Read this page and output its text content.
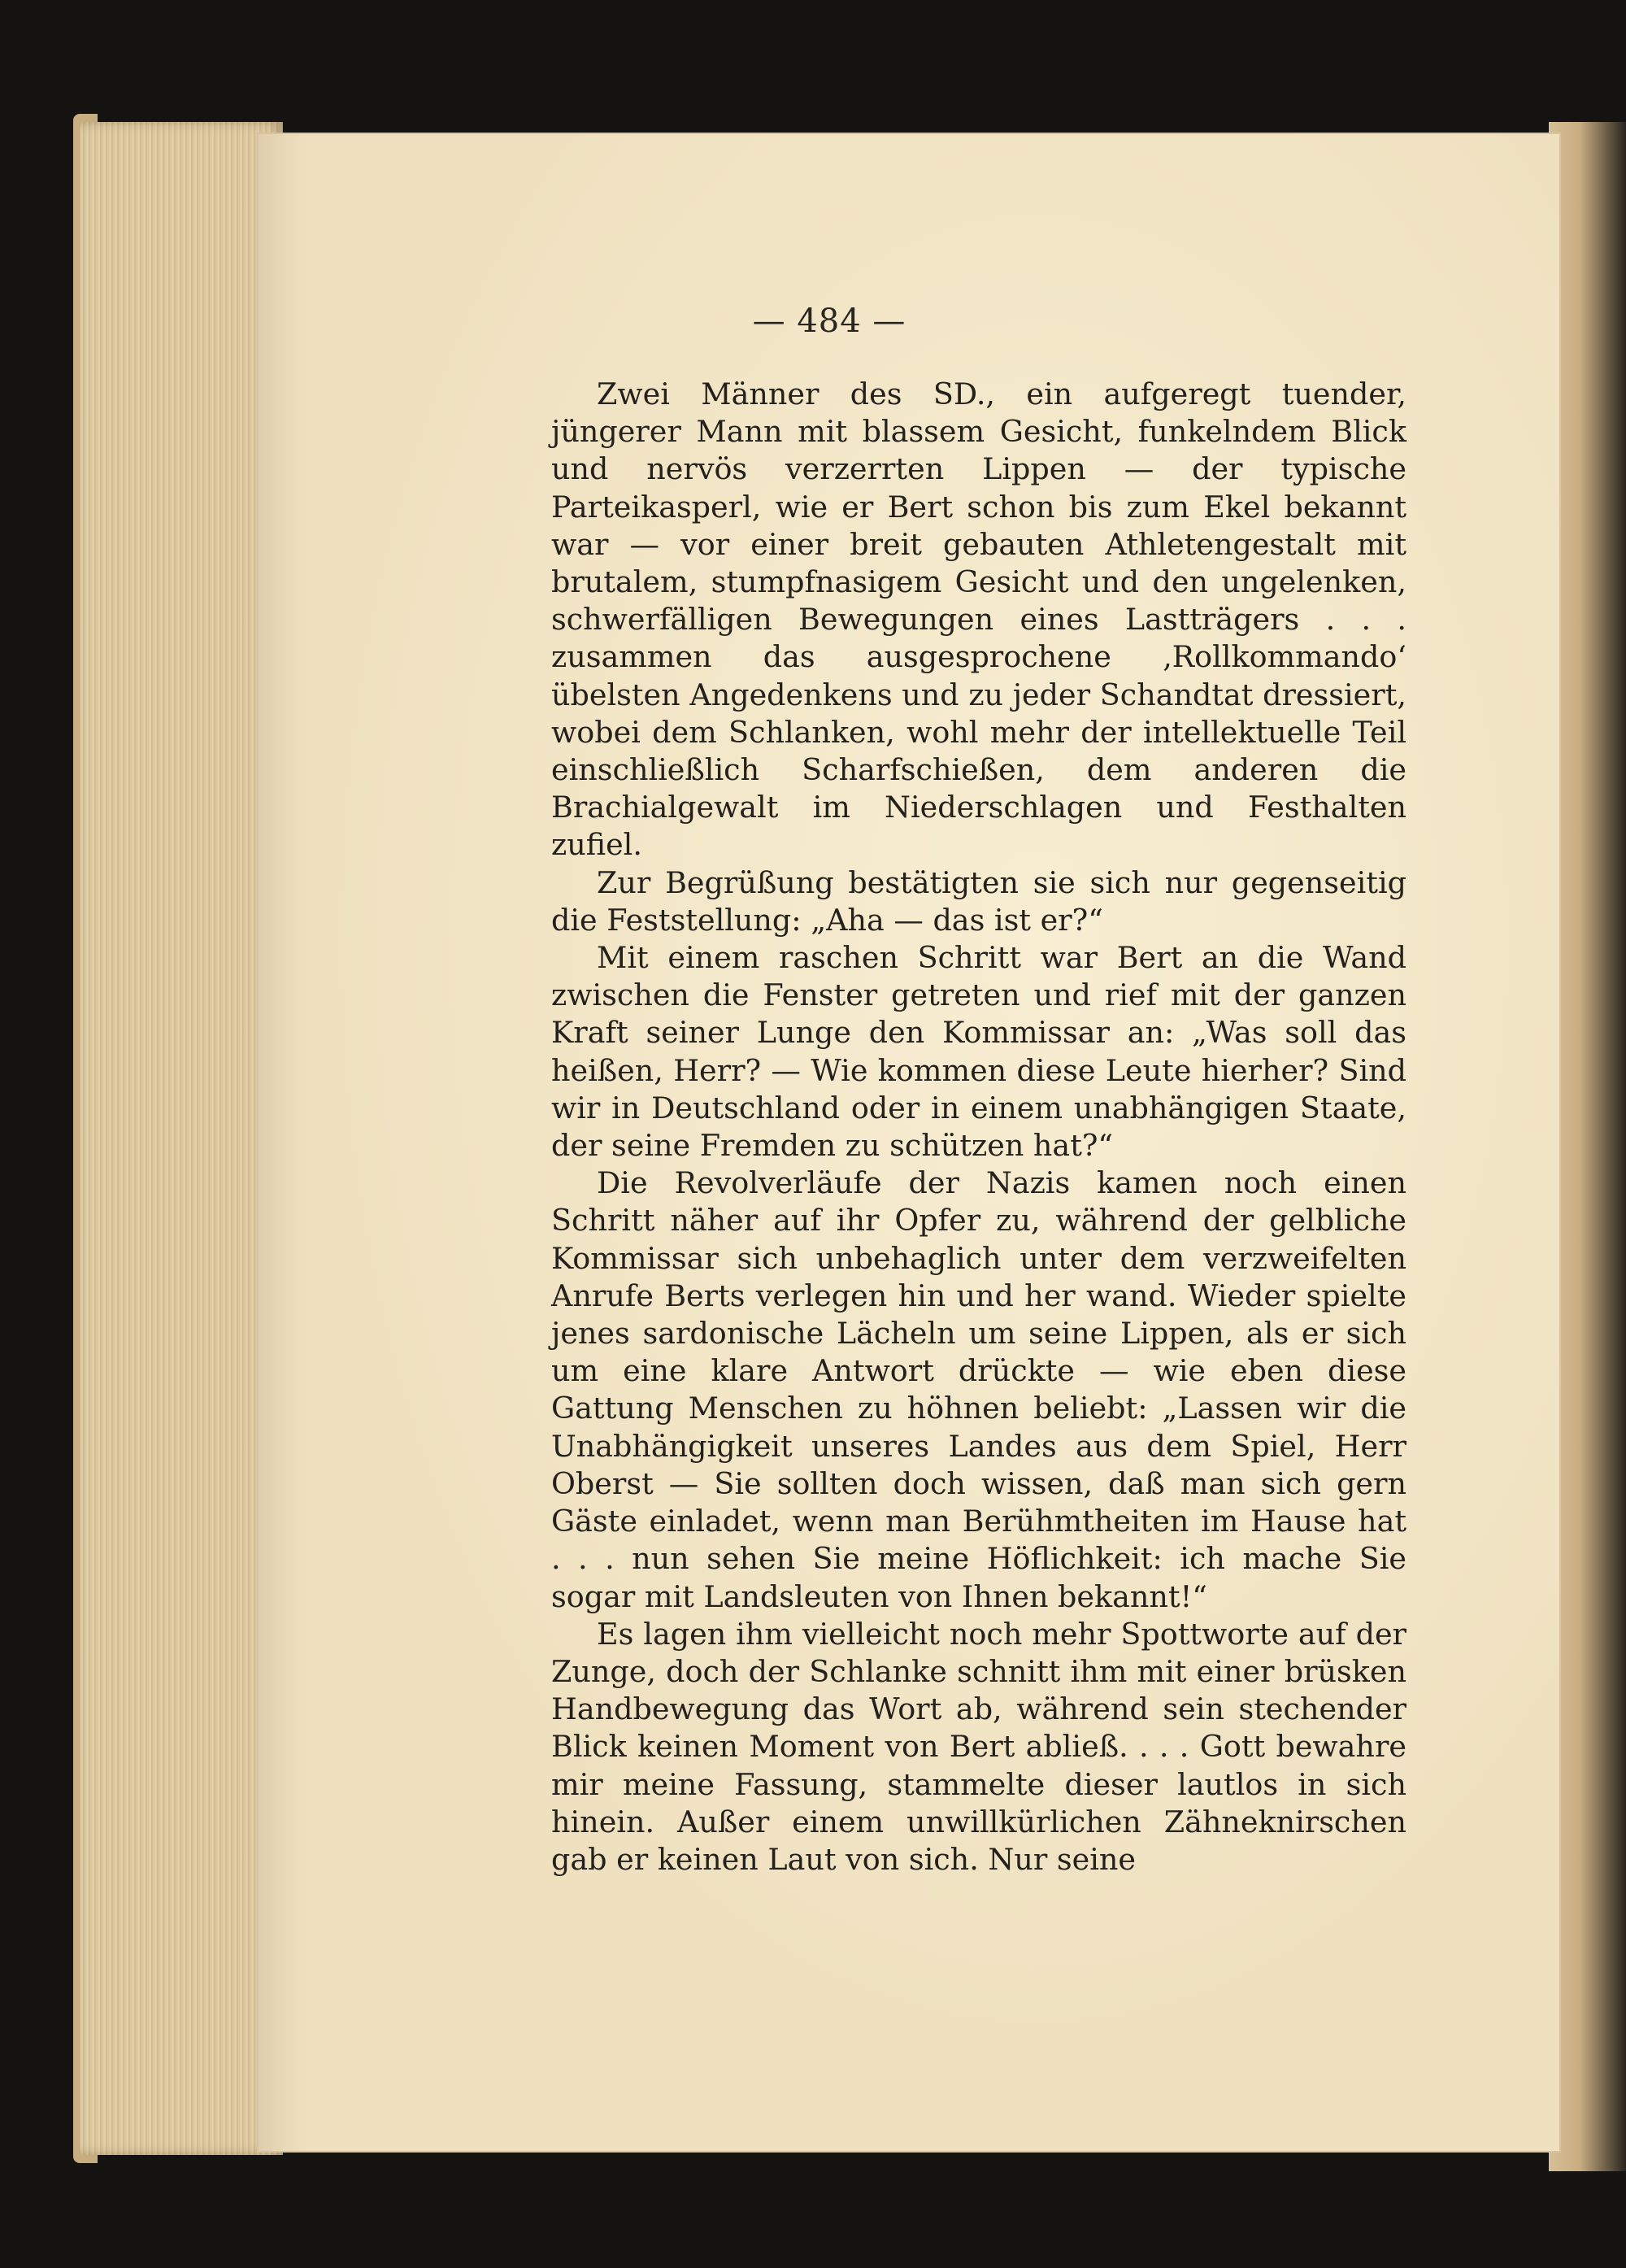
— 484 —

Zwei Männer des SD., ein aufgeregt tuender, jüngerer Mann mit blassem Gesicht, funkelndem Blick und nervös verzerrten Lippen — der typische Parteikasperl, wie er Bert schon bis zum Ekel bekannt war — vor einer breit gebauten Athletengestalt mit brutalem, stumpfnasigem Gesicht und den ungelenken, schwerfälligen Bewegungen eines Lastträgers . . . zusammen das ausgesprochene ‚Rollkommando‘ übelsten Angedenkens und zu jeder Schandtat dressiert, wobei dem Schlanken, wohl mehr der intellektuelle Teil einschließlich Scharfschießen, dem anderen die Brachialgewalt im Niederschlagen und Festhalten zufiel.

Zur Begrüßung bestätigten sie sich nur gegenseitig die Feststellung: „Aha — das ist er?“

Mit einem raschen Schritt war Bert an die Wand zwischen die Fenster getreten und rief mit der ganzen Kraft seiner Lunge den Kommissar an: „Was soll das heißen, Herr? — Wie kommen diese Leute hierher? Sind wir in Deutschland oder in einem unabhängigen Staate, der seine Fremden zu schützen hat?“

Die Revolverläufe der Nazis kamen noch einen Schritt näher auf ihr Opfer zu, während der gelbliche Kommissar sich unbehaglich unter dem verzweifelten Anrufe Berts verlegen hin und her wand. Wieder spielte jenes sardonische Lächeln um seine Lippen, als er sich um eine klare Antwort drückte — wie eben diese Gattung Menschen zu höhnen beliebt: „Lassen wir die Unabhängigkeit unseres Landes aus dem Spiel, Herr Oberst — Sie sollten doch wissen, daß man sich gern Gäste einladet, wenn man Berühmtheiten im Hause hat . . . nun sehen Sie meine Höflichkeit: ich mache Sie sogar mit Landsleuten von Ihnen bekannt!“

Es lagen ihm vielleicht noch mehr Spottworte auf der Zunge, doch der Schlanke schnitt ihm mit einer brüsken Handbewegung das Wort ab, während sein stechender Blick keinen Moment von Bert abließ. . . . Gott bewahre mir meine Fassung, stammelte dieser lautlos in sich hinein. Außer einem unwillkürlichen Zähneknirschen gab er keinen Laut von sich. Nur seine
